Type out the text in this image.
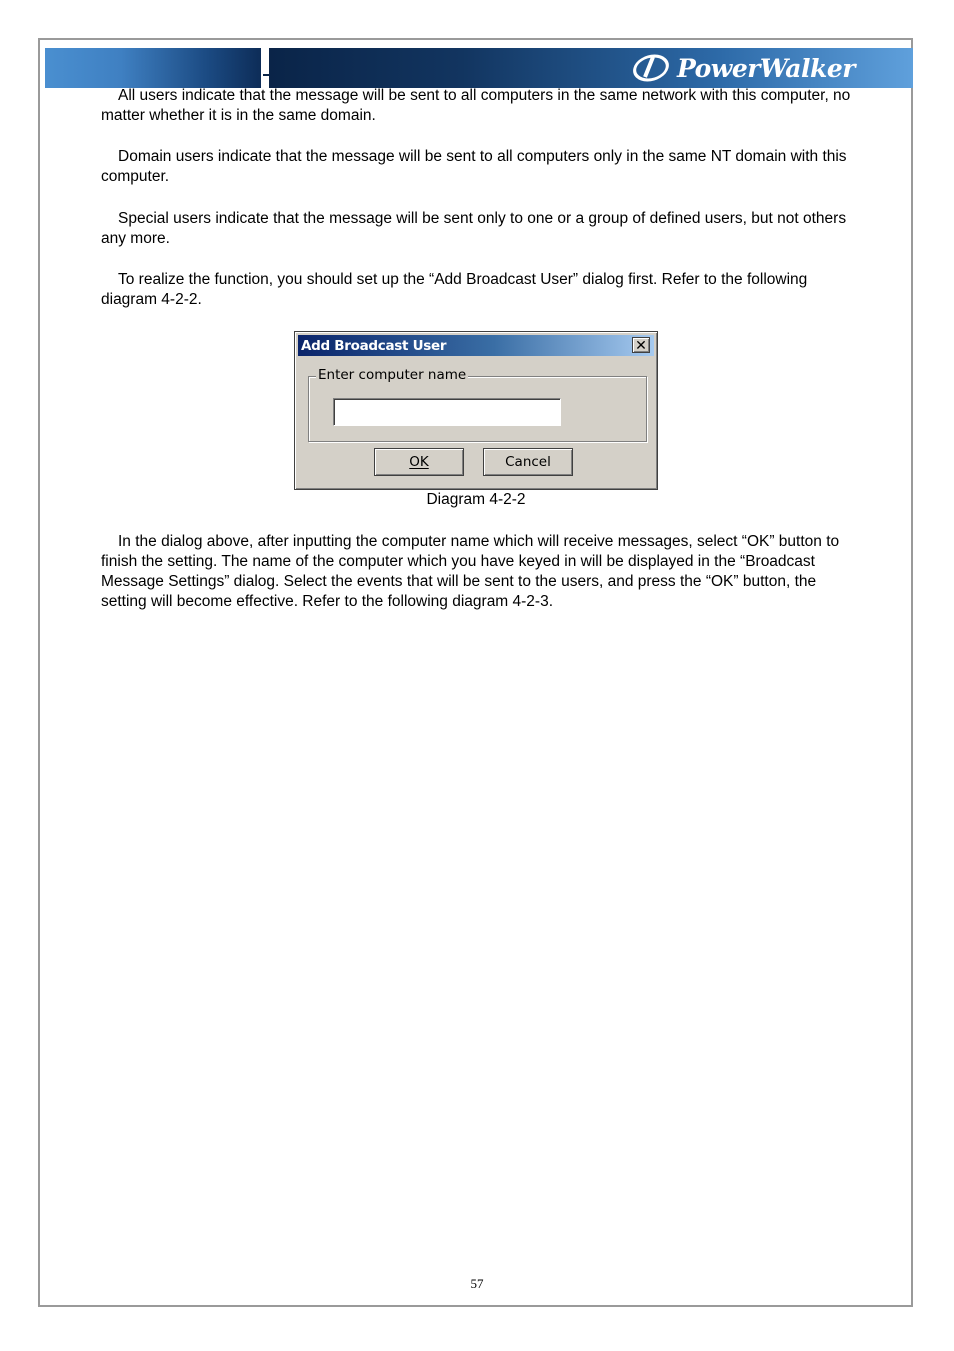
PowerWalker
All users indicate that the message will be sent to all computers in the same network with this computer, no matter whether it is in the same domain.
Domain users indicate that the message will be sent to all computers only in the same NT domain with this computer.
Special users indicate that the message will be sent only to one or a group of defined users, but not others any more.
To realize the function, you should set up the “Add Broadcast User” dialog first. Refer to the following diagram 4-2-2.
Add Broadcast User	✕
Enter computer name
OK	Cancel
Diagram 4-2-2
In the dialog above, after inputting the computer name which will receive messages, select “OK” button to finish the setting. The name of the computer which you have keyed in will be displayed in the “Broadcast Message Settings” dialog. Select the events that will be sent to the users, and press the “OK” button, the setting will become effective. Refer to the following diagram 4-2-3.
57
